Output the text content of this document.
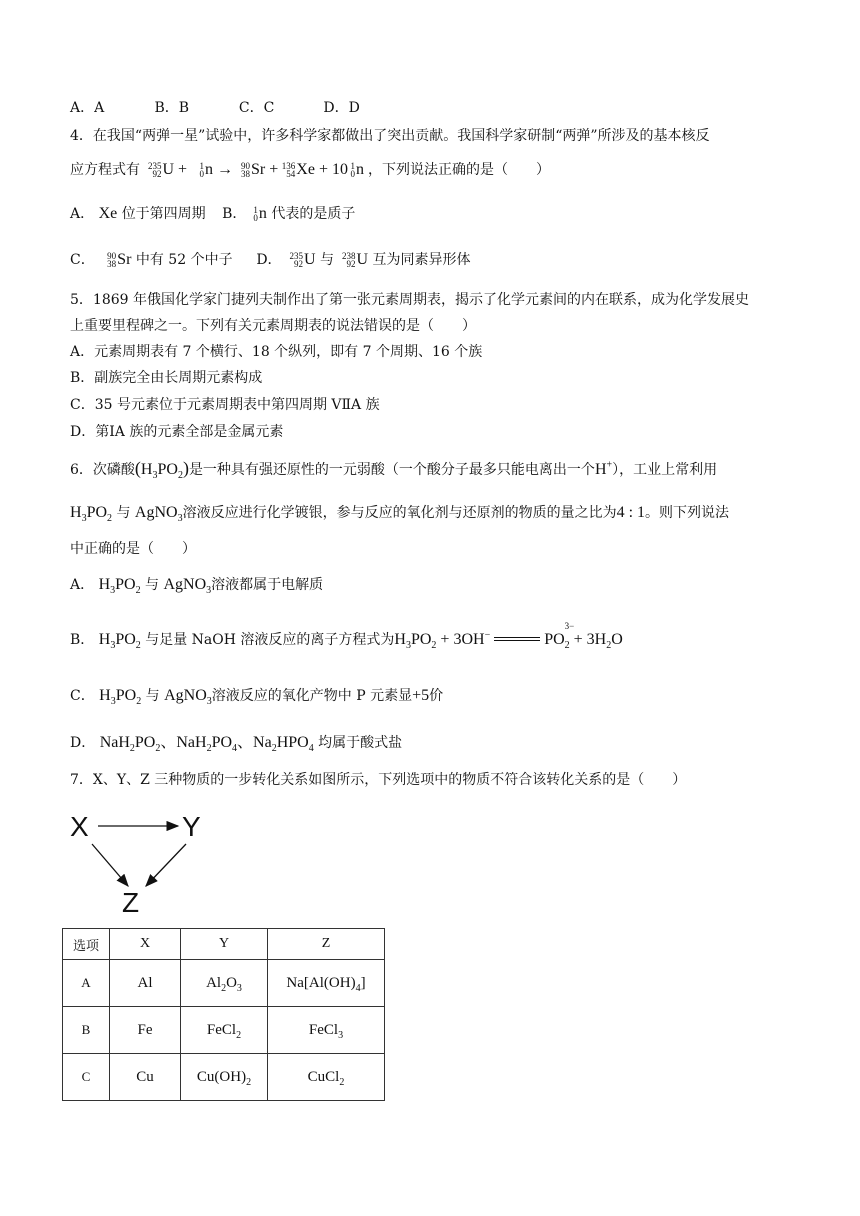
A．A	B．B	C．C	D．D
4．在我国“两弹一星”试验中，许多科学家都做出了突出贡献。我国科学家研制“两弹”所涉及的基本核反
应方程式有 235
92 U + 1
0 n → 90
38 Sr + 136
54 Xe + 10 1
0 n ，下列说法正确的是（　　）
A． Xe 位于第四周期 B． 1
0 n 代表的是质子
C． 90
38 Sr 中有 52 个中子 D． 235
92 U 与 238
92 U 互为同素异形体
5．1869 年俄国化学家门捷列夫制作出了第一张元素周期表，揭示了化学元素间的内在联系，成为化学发展史
上重要里程碑之一。下列有关元素周期表的说法错误的是（　　）
A．元素周期表有 7 个横行、18 个纵列，即有 7 个周期、16 个族
B．副族完全由长周期元素构成
C．35 号元素位于元素周期表中第四周期 VⅡA 族
D．第ⅠA 族的元素全部是金属元素
6．次磷酸$(H_3PO_2)$是一种具有强还原性的一元弱酸（一个酸分子最多只能电离出一个H+），工业上常利用
$H_3PO_2$ 与 AgNO$_3$溶液反应进行化学镀银，参与反应的氧化剂与还原剂的物质的量之比为4 : 1。则下列说法
中正确的是（　　）
A． $H_3PO_2$ 与 AgNO$_3$溶液都属于电解质
B． $H_3PO_2$ 与足量 NaOH 溶液反应的离子方程式为$H_3PO_2 + 3OH^-$	PO
$_{3- 2} + 3H_2O$
C． $H_3PO_2$ 与 AgNO$_3$溶液反应的氧化产物中 P 元素显+5价
D． $NaH_2PO_2$、$NaH_2PO_4$、$Na_2HPO_4$ 均属于酸式盐
7．X、Y、Z 三种物质的一步转化关系如图所示，下列选项中的物质不符合该转化关系的是（　　）
X	Y
Z
选项	X	Y	Z
A	Al	$Al_2O_3$	$Na[Al(OH)_4]$
B	Fe	FeCl$_2$	FeCl$_3$
C	Cu	$Cu(OH)_2$	CuCl$_2$
